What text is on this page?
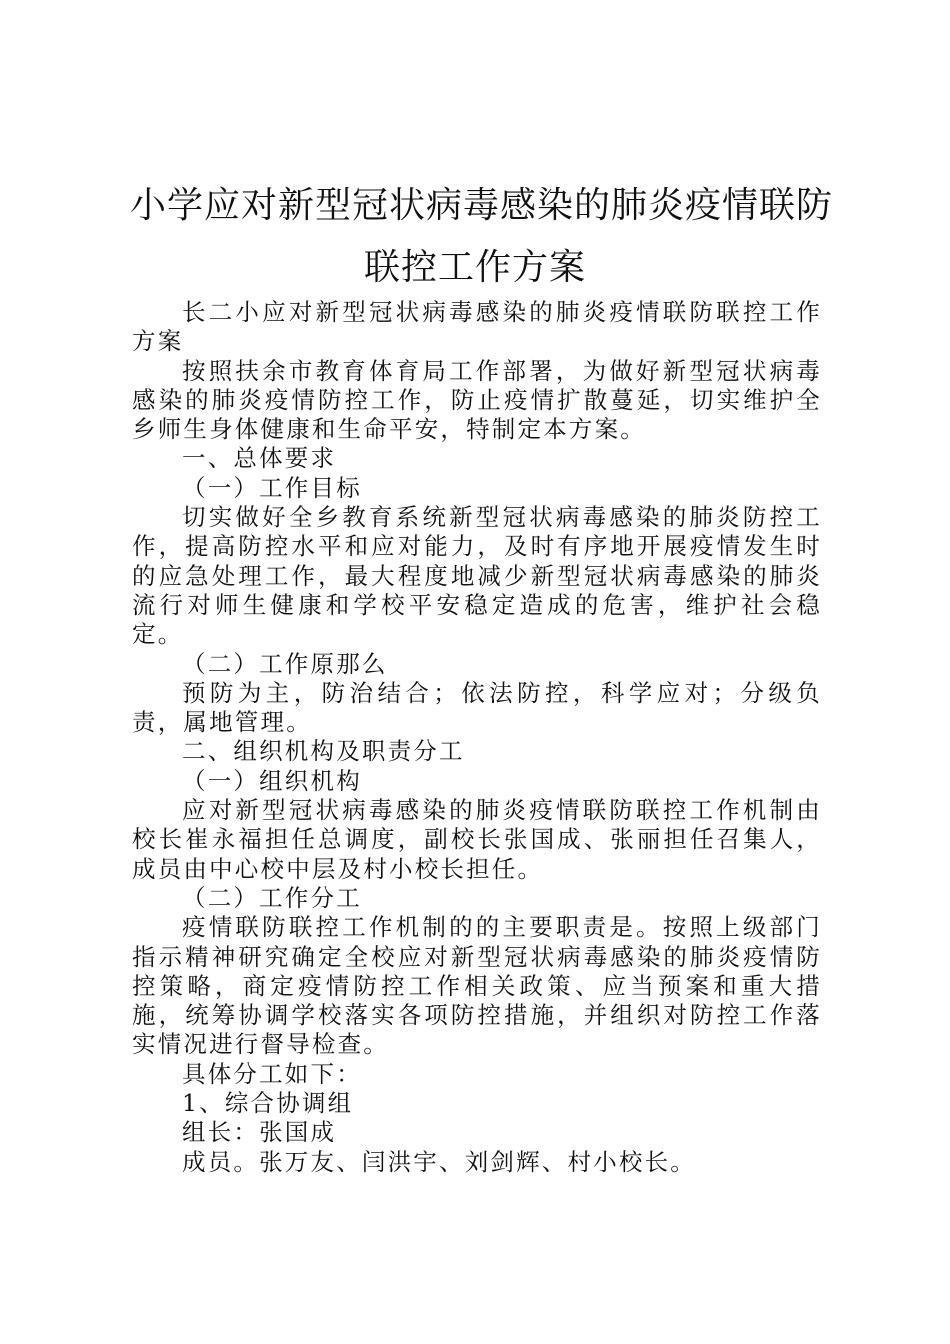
小学应对新型冠状病毒感染的肺炎疫情联防
联控工作方案

长二小应对新型冠状病毒感染的肺炎疫情联防联控工作方案

按照扶余市教育体育局工作部署，为做好新型冠状病毒感染的肺炎疫情防控工作，防止疫情扩散蔓延，切实维护全乡师生身体健康和生命平安，特制定本方案。

一、总体要求

（一）工作目标

切实做好全乡教育系统新型冠状病毒感染的肺炎防控工作，提高防控水平和应对能力，及时有序地开展疫情发生时的应急处理工作，最大程度地减少新型冠状病毒感染的肺炎流行对师生健康和学校平安稳定造成的危害，维护社会稳定。

（二）工作原那么

预防为主，防治结合；依法防控，科学应对；分级负责，属地管理。

二、组织机构及职责分工

（一）组织机构

应对新型冠状病毒感染的肺炎疫情联防联控工作机制由校长崔永福担任总调度，副校长张国成、张丽担任召集人，成员由中心校中层及村小校长担任。

（二）工作分工

疫情联防联控工作机制的的主要职责是。按照上级部门指示精神研究确定全校应对新型冠状病毒感染的肺炎疫情防控策略，商定疫情防控工作相关政策、应当预案和重大措施，统筹协调学校落实各项防控措施，并组织对防控工作落实情况进行督导检查。

具体分工如下：

1、综合协调组

组长：张国成

成员。张万友、闫洪宇、刘剑辉、村小校长。
